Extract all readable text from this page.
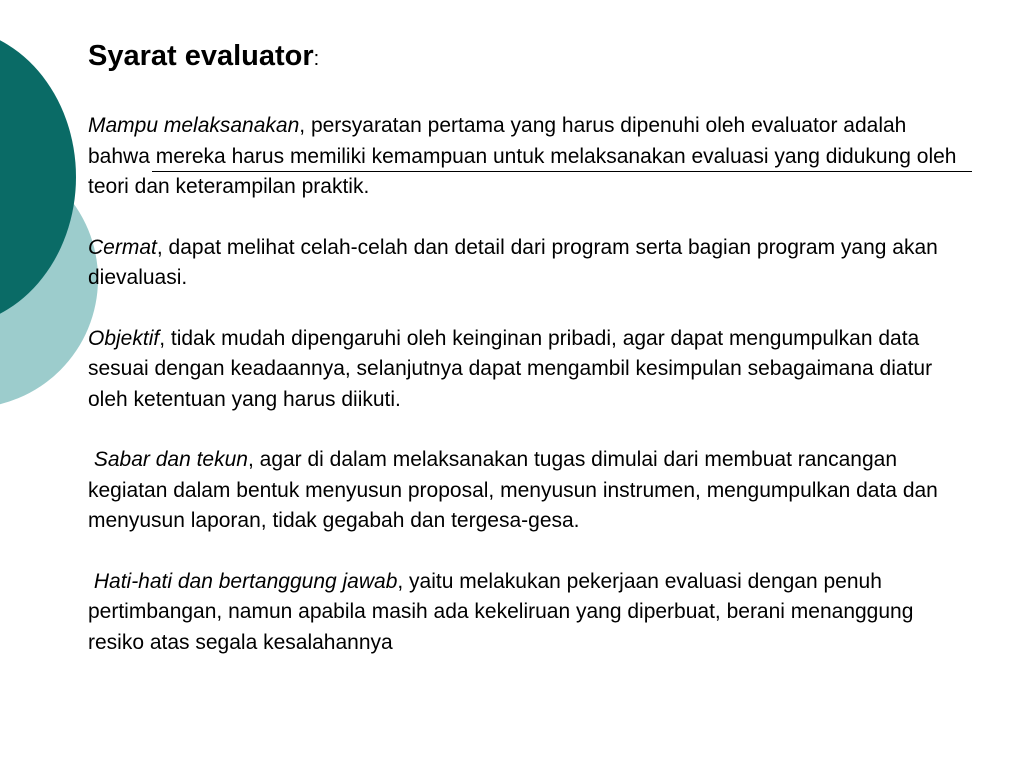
Syarat evaluator:

Mampu melaksanakan, persyaratan pertama yang harus dipenuhi oleh evaluator adalah bahwa mereka harus memiliki kemampuan untuk melaksanakan evaluasi yang didukung oleh teori dan keterampilan praktik.

Cermat, dapat melihat celah-celah dan detail dari program serta bagian program yang akan dievaluasi.

Objektif, tidak mudah dipengaruhi oleh keinginan pribadi, agar dapat mengumpulkan data sesuai dengan keadaannya, selanjutnya dapat mengambil kesimpulan sebagaimana diatur oleh ketentuan yang harus diikuti.

Sabar dan tekun, agar di dalam melaksanakan tugas dimulai dari membuat rancangan kegiatan dalam bentuk menyusun proposal, menyusun instrumen, mengumpulkan data dan menyusun laporan, tidak gegabah dan tergesa-gesa.

Hati-hati dan bertanggung jawab, yaitu melakukan pekerjaan evaluasi dengan penuh pertimbangan, namun apabila masih ada kekeliruan yang diperbuat, berani menanggung resiko atas segala kesalahannya
